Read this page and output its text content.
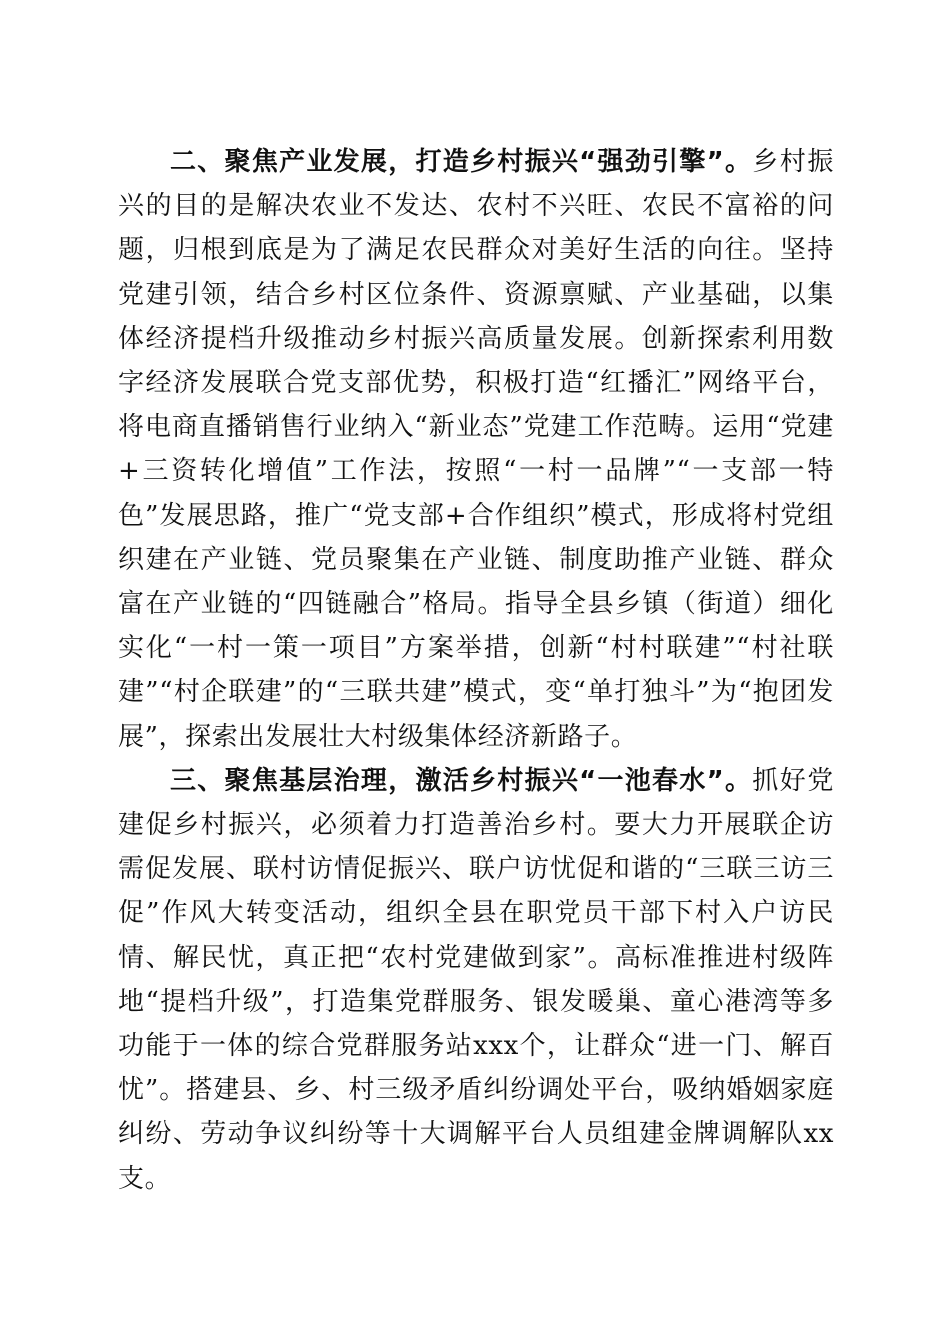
二、聚焦产业发展，打造乡村振兴“强劲引擎”。乡村振兴的目的是解决农业不发达、农村不兴旺、农民不富裕的问题，归根到底是为了满足农民群众对美好生活的向往。坚持党建引领，结合乡村区位条件、资源禀赋、产业基础，以集体经济提档升级推动乡村振兴高质量发展。创新探索利用数字经济发展联合党支部优势，积极打造“红播汇”网络平台，将电商直播销售行业纳入“新业态”党建工作范畴。运用“党建+三资转化增值”工作法，按照“一村一品牌”“一支部一特色”发展思路，推广“党支部+合作组织”模式，形成将村党组织建在产业链、党员聚集在产业链、制度助推产业链、群众富在产业链的“四链融合”格局。指导全县乡镇（街道）细化实化“一村一策一项目”方案举措，创新“村村联建”“村社联建”“村企联建”的“三联共建”模式，变“单打独斗”为“抱团发展”，探索出发展壮大村级集体经济新路子。

三、聚焦基层治理，激活乡村振兴“一池春水”。抓好党建促乡村振兴，必须着力打造善治乡村。要大力开展联企访需促发展、联村访情促振兴、联户访忧促和谐的“三联三访三促”作风大转变活动，组织全县在职党员干部下村入户访民情、解民忧，真正把“农村党建做到家”。高标准推进村级阵地“提档升级”，打造集党群服务、银发暖巢、童心港湾等多功能于一体的综合党群服务站xxx个，让群众“进一门、解百忧”。搭建县、乡、村三级矛盾纠纷调处平台，吸纳婚姻家庭纠纷、劳动争议纠纷等十大调解平台人员组建金牌调解队xx支。
